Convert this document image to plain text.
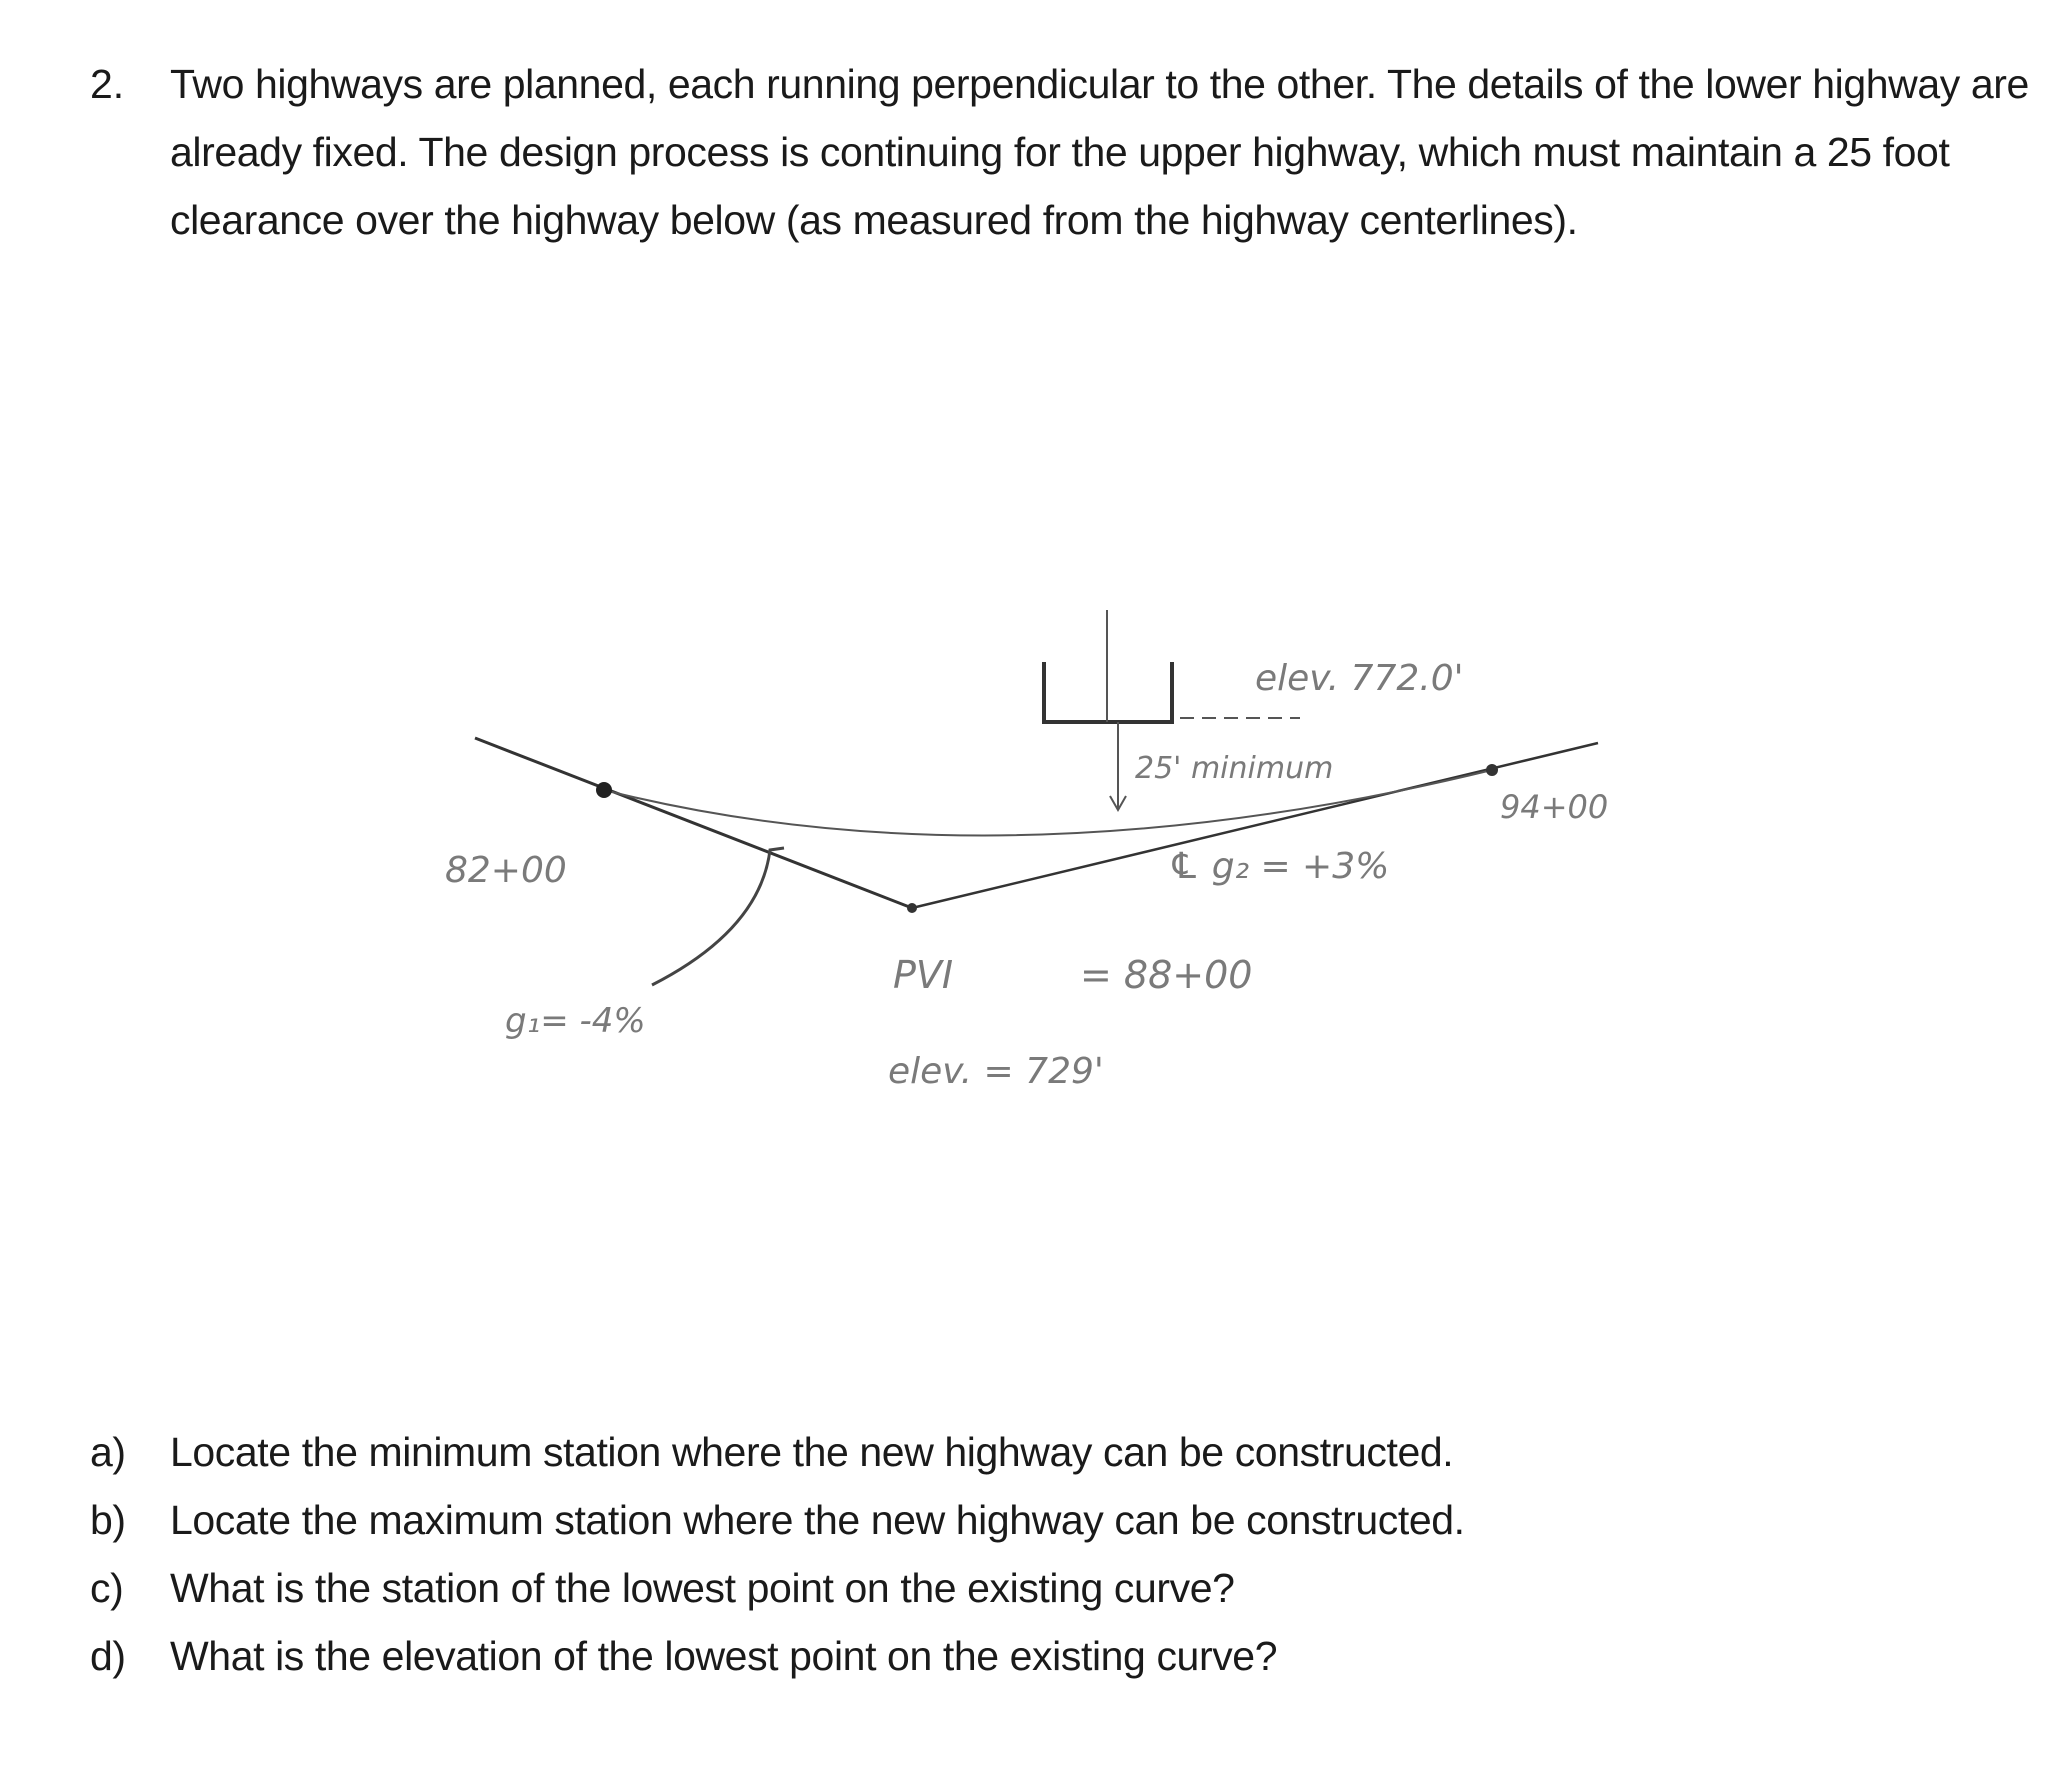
2. Two highways are planned, each running perpendicular to the other. The details of the lower highway are already fixed. The design process is continuing for the upper highway, which must maintain a 25 foot clearance over the highway below (as measured from the highway centerlines).
elev. 772.0'
25' minimum
94+00
82+00	℄ g₂ = +3%
g₁= -4%
PVI	= 88+00
elev. = 729'
a) Locate the minimum station where the new highway can be constructed.
b) Locate the maximum station where the new highway can be constructed.
c) What is the station of the lowest point on the existing curve?
d) What is the elevation of the lowest point on the existing curve?
